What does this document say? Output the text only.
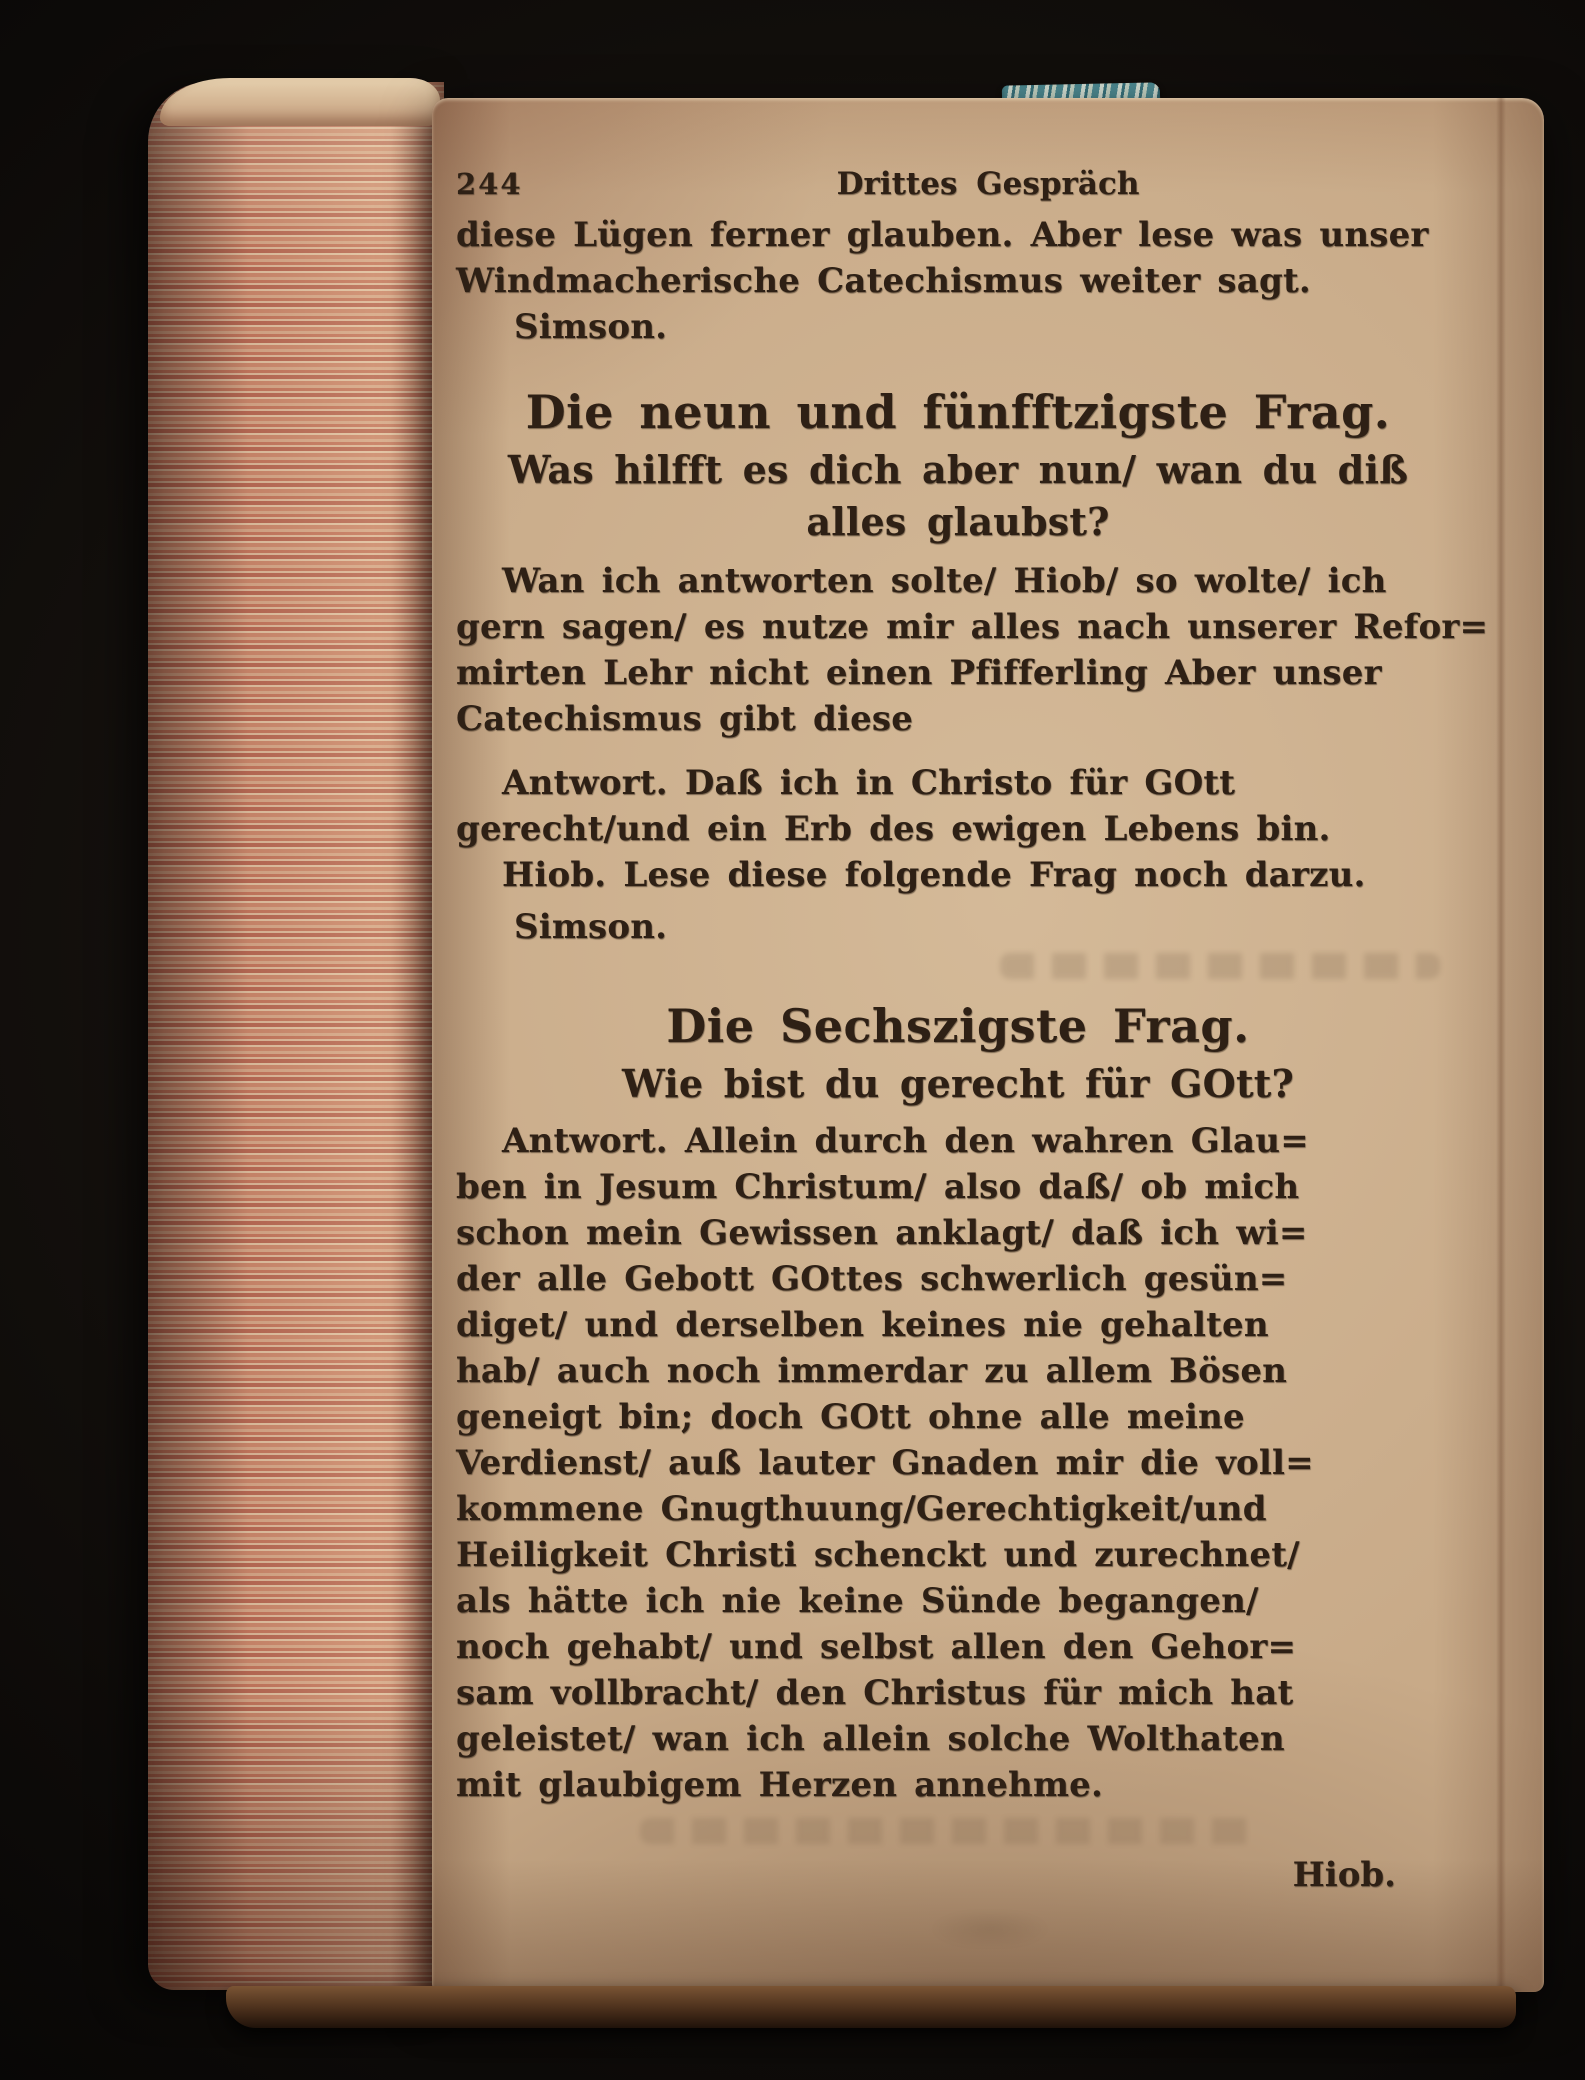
244	Drittes Gespräch
diese Lügen ferner glauben. Aber lese was unser
Windmacherische Catechismus weiter sagt.
Simson.
Die neun und fünfftzigste Frag.
Was hilfft es dich aber nun/ wan du diß
alles glaubst?
Wan ich antworten solte/ Hiob/ so wolte/ ich
gern sagen/ es nutze mir alles nach unserer Refor=
mirten Lehr nicht einen Pfifferling Aber unser
Catechismus gibt diese
Antwort. Daß ich in Christo für GOtt
gerecht/und ein Erb des ewigen Lebens bin.
Hiob. Lese diese folgende Frag noch darzu.
Simson.
Die Sechszigste Frag.
Wie bist du gerecht für GOtt?
Antwort. Allein durch den wahren Glau=
ben in Jesum Christum/ also daß/ ob mich
schon mein Gewissen anklagt/ daß ich wi=
der alle Gebott GOttes schwerlich gesün=
diget/ und derselben keines nie gehalten
hab/ auch noch immerdar zu allem Bösen
geneigt bin; doch GOtt ohne alle meine
Verdienst/ auß lauter Gnaden mir die voll=
kommene Gnugthuung/Gerechtigkeit/und
Heiligkeit Christi schenckt und zurechnet/
als hätte ich nie keine Sünde begangen/
noch gehabt/ und selbst allen den Gehor=
sam vollbracht/ den Christus für mich hat
geleistet/ wan ich allein solche Wolthaten
mit glaubigem Herzen annehme.
Hiob.
